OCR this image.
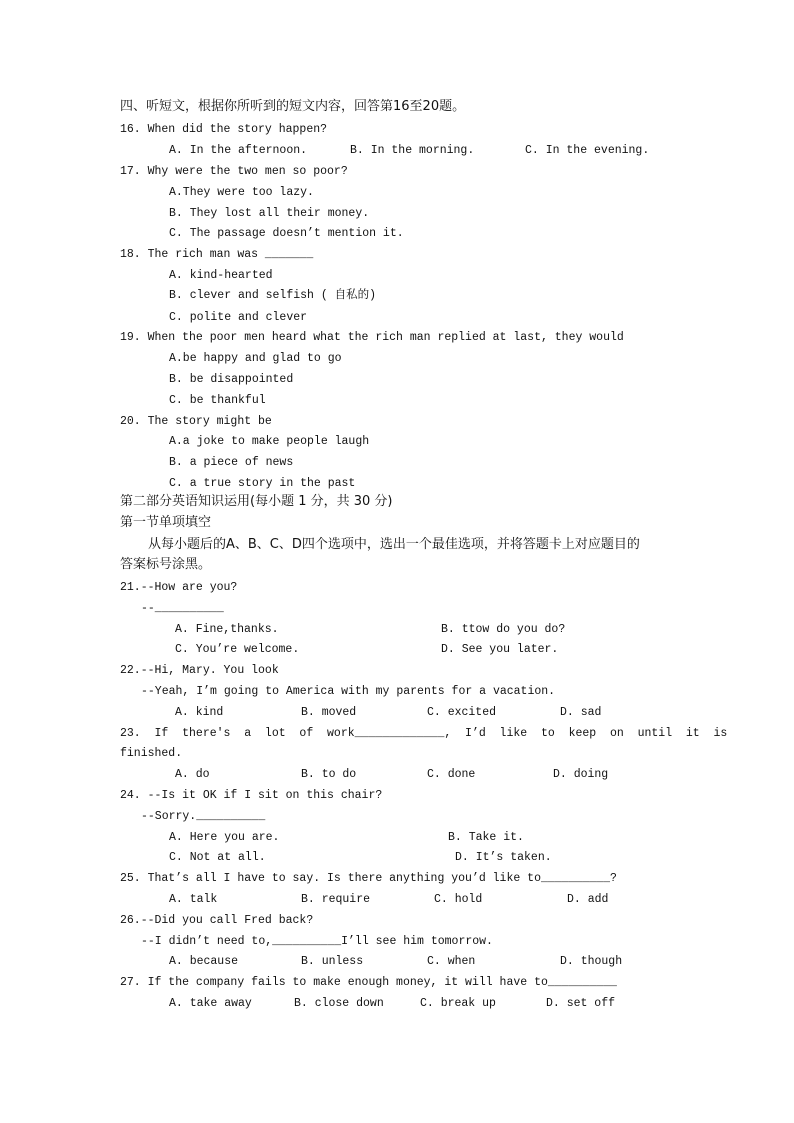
四、听短文，根据你所听到的短文内容，回答第16至20题。
16. When did the story happen?
A. In the afternoon.	B. In the morning.	C. In the evening.
17. Why were the two men so poor?
A.They were too lazy.
B. They lost all their money.
C. The passage doesn’t mention it.
18. The rich man was _______
A. kind-hearted
B. clever and selfish ( 自私的)
C. polite and clever
19. When the poor men heard what the rich man replied at last, they would
A.be happy and glad to go
B. be disappointed
C. be thankful
20. The story might be
A.a joke to make people laugh
B. a piece of news
C. a true story in the past
第二部分英语知识运用(每小题 1 分，共 30 分)
第一节单项填空
从每小题后的A、B、C、D四个选项中，选出一个最佳选项，并将答题卡上对应题目的
答案标号涂黑。
21.--How are you?
--__________
A. Fine,thanks.	B. ttow do you do?
C. You’re welcome.	D. See you later.
22.--Hi, Mary. You look
--Yeah, I’m going to America with my parents for a vacation.
A. kind	B. moved	C. excited	D. sad
23.  If  there′s  a  lot  of  work_____________,  I’d  like  to  keep  on  until  it  is
finished.
A. do	B. to do	C. done	D. doing
24. --Is it OK if I sit on this chair?
--Sorry.__________
A. Here you are.	B. Take it.
C. Not at all.	D. It’s taken.
25. That’s all I have to say. Is there anything you’d like to__________?
A. talk	B. require	C. hold	D. add
26.--Did you call Fred back?
--I didn’t need to,__________I’ll see him tomorrow.
A. because	B. unless	C. when	D. though
27. If the company fails to make enough money, it will have to__________
A. take away	B. close down	C. break up	D. set off
